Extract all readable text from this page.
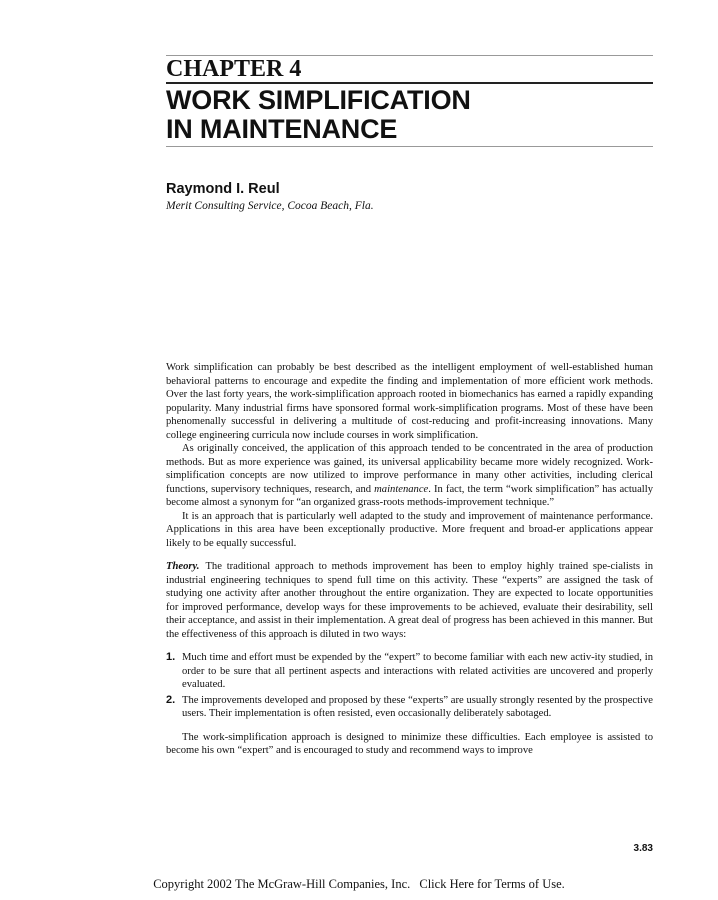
CHAPTER 4
WORK SIMPLIFICATION
IN MAINTENANCE
Raymond I. Reul
Merit Consulting Service, Cocoa Beach, Fla.

Work simplification can probably be best described as the intelligent employment of well-established human behavioral patterns to encourage and expedite the finding and implementation of more efficient work methods. Over the last forty years, the work-simplification approach rooted in biomechanics has earned a rapidly expanding popularity. Many industrial firms have sponsored formal work-simplification programs. Most of these have been phenomenally successful in delivering a multitude of cost-reducing and profit-increasing innovations. Many college engineering curricula now include courses in work simplification.

As originally conceived, the application of this approach tended to be concentrated in the area of production methods. But as more experience was gained, its universal applicability became more widely recognized. Work-simplification concepts are now utilized to improve performance in many other activities, including clerical functions, supervisory techniques, research, and maintenance. In fact, the term “work simplification” has actually become almost a synonym for “an organized grass-roots methods-improvement technique.”

It is an approach that is particularly well adapted to the study and improvement of maintenance performance. Applications in this area have been exceptionally productive. More frequent and broad-er applications appear likely to be equally successful.

Theory. The traditional approach to methods improvement has been to employ highly trained spe-cialists in industrial engineering techniques to spend full time on this activity. These “experts” are assigned the task of studying one activity after another throughout the entire organization. They are expected to locate opportunities for improved performance, develop ways for these improvements to be achieved, evaluate their desirability, sell their acceptance, and assist in their implementation. A great deal of progress has been achieved in this manner. But the effectiveness of this approach is diluted in two ways:

1. Much time and effort must be expended by the “expert” to become familiar with each new activ-ity studied, in order to be sure that all pertinent aspects and interactions with related activities are uncovered and properly evaluated.
2. The improvements developed and proposed by these “experts” are usually strongly resented by the prospective users. Their implementation is often resisted, even occasionally deliberately sabotaged.

The work-simplification approach is designed to minimize these difficulties. Each employee is assisted to become his own “expert” and is encouraged to study and recommend ways to improve

3.83
Copyright 2002 The McGraw-Hill Companies, Inc. Click Here for Terms of Use.
